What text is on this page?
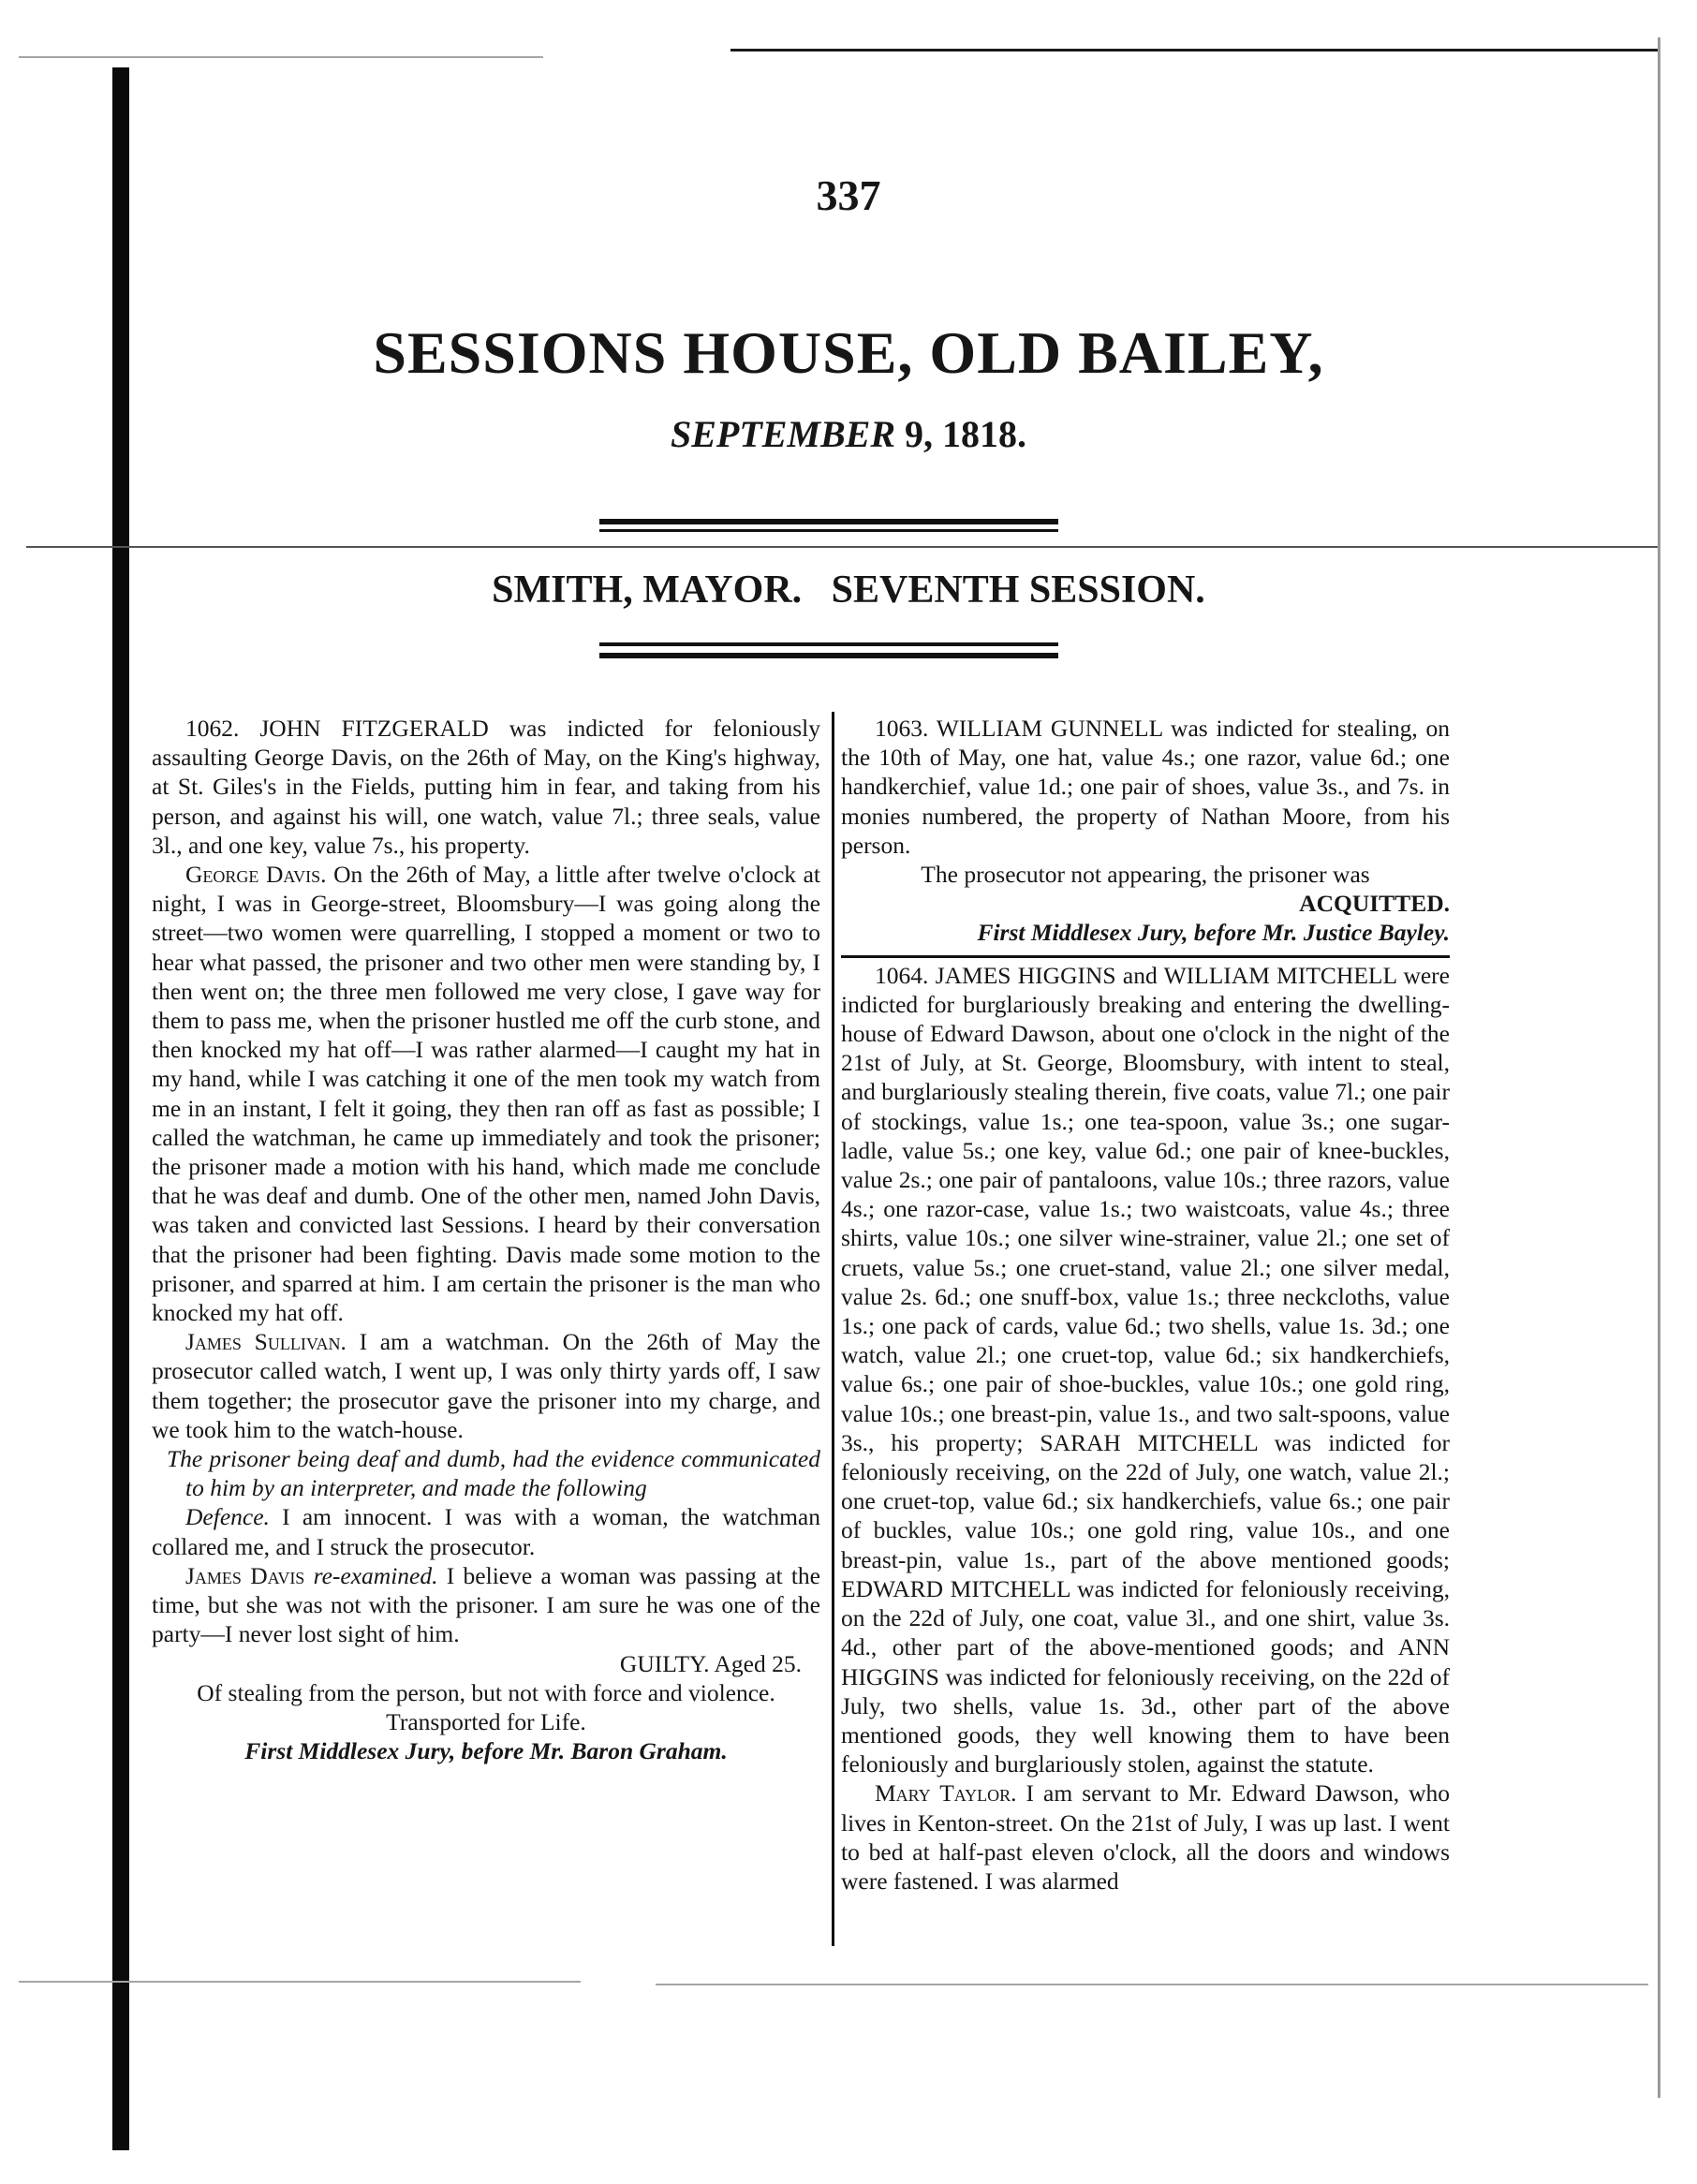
337
SESSIONS HOUSE, OLD BAILEY,
SEPTEMBER 9, 1818.
SMITH, MAYOR.   SEVENTH SESSION.

1062. JOHN FITZGERALD was indicted for feloniously assaulting George Davis, on the 26th of May, on the King's highway, at St. Giles's in the Fields, putting him in fear, and taking from his person, and against his will, one watch, value 7l.; three seals, value 3l., and one key, value 7s., his property.

George Davis. On the 26th of May, a little after twelve o'clock at night, I was in George-street, Bloomsbury—I was going along the street—two women were quarrelling, I stopped a moment or two to hear what passed, the prisoner and two other men were standing by, I then went on; the three men followed me very close, I gave way for them to pass me, when the prisoner hustled me off the curb stone, and then knocked my hat off—I was rather alarmed—I caught my hat in my hand, while I was catching it one of the men took my watch from me in an instant, I felt it going, they then ran off as fast as possible; I called the watchman, he came up immediately and took the prisoner; the prisoner made a motion with his hand, which made me conclude that he was deaf and dumb. One of the other men, named John Davis, was taken and convicted last Sessions. I heard by their conversation that the prisoner had been fighting. Davis made some motion to the prisoner, and sparred at him. I am certain the prisoner is the man who knocked my hat off.

James Sullivan. I am a watchman. On the 26th of May the prosecutor called watch, I went up, I was only thirty yards off, I saw them together; the prosecutor gave the prisoner into my charge, and we took him to the watch-house.

The prisoner being deaf and dumb, had the evidence communicated to him by an interpreter, and made the following

Defence. I am innocent. I was with a woman, the watchman collared me, and I struck the prosecutor.

James Davis re-examined. I believe a woman was passing at the time, but she was not with the prisoner. I am sure he was one of the party—I never lost sight of him.

GUILTY. Aged 25.

Of stealing from the person, but not with force and violence.

Transported for Life.

First Middlesex Jury, before Mr. Baron Graham.

1063. WILLIAM GUNNELL was indicted for stealing, on the 10th of May, one hat, value 4s.; one razor, value 6d.; one handkerchief, value 1d.; one pair of shoes, value 3s., and 7s. in monies numbered, the property of Nathan Moore, from his person.

The prosecutor not appearing, the prisoner was

ACQUITTED.

First Middlesex Jury, before Mr. Justice Bayley.

1064. JAMES HIGGINS and WILLIAM MITCHELL were indicted for burglariously breaking and entering the dwelling-house of Edward Dawson, about one o'clock in the night of the 21st of July, at St. George, Bloomsbury, with intent to steal, and burglariously stealing therein, five coats, value 7l.; one pair of stockings, value 1s.; one tea-spoon, value 3s.; one sugar-ladle, value 5s.; one key, value 6d.; one pair of knee-buckles, value 2s.; one pair of pantaloons, value 10s.; three razors, value 4s.; one razor-case, value 1s.; two waistcoats, value 4s.; three shirts, value 10s.; one silver wine-strainer, value 2l.; one set of cruets, value 5s.; one cruet-stand, value 2l.; one silver medal, value 2s. 6d.; one snuff-box, value 1s.; three neckcloths, value 1s.; one pack of cards, value 6d.; two shells, value 1s. 3d.; one watch, value 2l.; one cruet-top, value 6d.; six handkerchiefs, value 6s.; one pair of shoe-buckles, value 10s.; one gold ring, value 10s.; one breast-pin, value 1s., and two salt-spoons, value 3s., his property; SARAH MITCHELL was indicted for feloniously receiving, on the 22d of July, one watch, value 2l.; one cruet-top, value 6d.; six handkerchiefs, value 6s.; one pair of buckles, value 10s.; one gold ring, value 10s., and one breast-pin, value 1s., part of the above mentioned goods; EDWARD MITCHELL was indicted for feloniously receiving, on the 22d of July, one coat, value 3l., and one shirt, value 3s. 4d., other part of the above-mentioned goods; and ANN HIGGINS was indicted for feloniously receiving, on the 22d of July, two shells, value 1s. 3d., other part of the above mentioned goods, they well knowing them to have been feloniously and burglariously stolen, against the statute.

Mary Taylor. I am servant to Mr. Edward Dawson, who lives in Kenton-street. On the 21st of July, I was up last. I went to bed at half-past eleven o'clock, all the doors and windows were fastened. I was alarmed
